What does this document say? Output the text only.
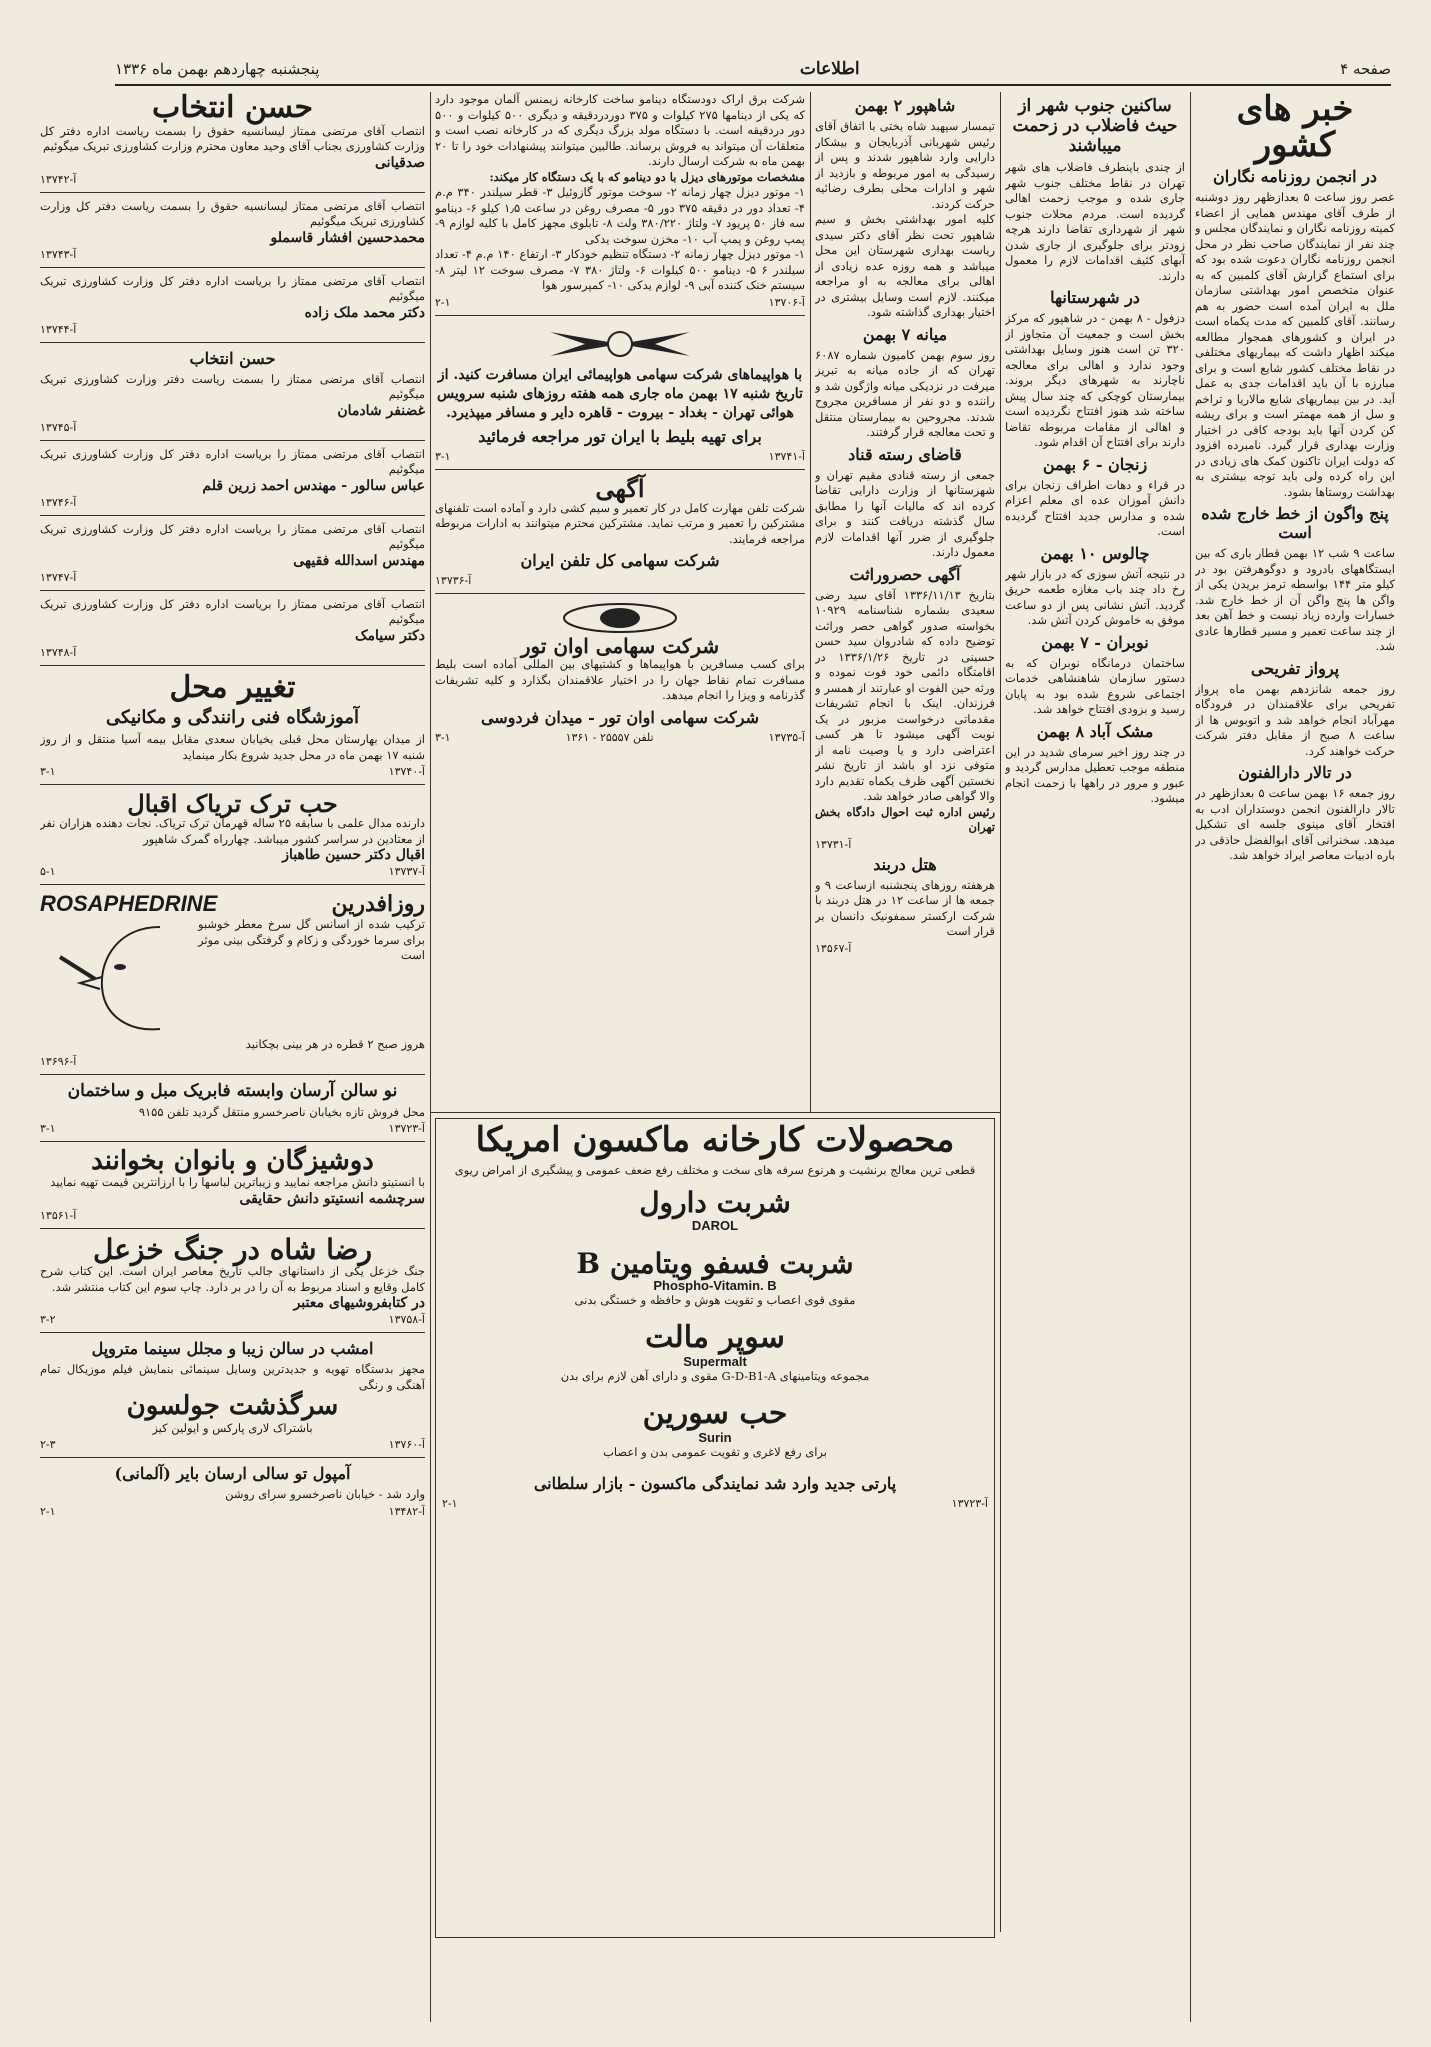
صفحه ۴
اطلاعات
پنجشنبه چهاردهم بهمن ماه ۱۳۳۶
خبر های کشور
در انجمن روزنامه نگاران
عصر روز ساعت ۵ بعدازظهر روز دوشنبه از طرف آقای مهندس همایی از اعضاء کمیته روزنامه نگاران و نمایندگان مجلس و چند نفر از نمایندگان صاحب نظر در محل انجمن روزنامه نگاران دعوت شده بود که برای استماع گزارش آقای کلمبین که به عنوان متخصص امور بهداشتی سازمان ملل به ایران آمده است حضور به هم رسانند. آقای کلمبین که مدت یکماه است در ایران و کشورهای همجوار مطالعه میکند اظهار داشت که بیماریهای مختلفی در نقاط مختلف کشور شایع است و برای مبارزه با آن باید اقدامات جدی به عمل آید. در بین بیماریهای شایع مالاریا و تراخم و سل از همه مهمتر است و برای ریشه کن کردن آنها باید بودجه کافی در اختیار وزارت بهداری قرار گیرد. نامبرده افزود که دولت ایران تاکنون کمک های زیادی در این راه کرده ولی باید توجه بیشتری به بهداشت روستاها بشود.
پنج واگون از خط خارج شده است
ساعت ۹ شب ۱۲ بهمن قطار باری که بین ایستگاههای بادرود و دوگوهرفتن بود در کیلو متر ۱۴۴ بواسطه ترمز بریدن یکی از واگن ها پنج واگن آن از خط خارج شد. خسارات وارده زیاد نیست و خط آهن بعد از چند ساعت تعمیر و مسیر قطارها عادی شد.
پرواز تفریحی
روز جمعه شانزدهم بهمن ماه پرواز تفریحی برای علاقمندان در فرودگاه مهرآباد انجام خواهد شد و اتوبوس ها از ساعت ۸ صبح از مقابل دفتر شرکت حرکت خواهند کرد.
در تالار دارالفنون
روز جمعه ۱۶ بهمن ساعت ۵ بعدازظهر در تالار دارالفنون انجمن دوستداران ادب به افتخار آقای مینوی جلسه ای تشکیل میدهد. سخنرانی آقای ابوالفضل حاذقی در باره ادبیات معاصر ایراد خواهد شد.
ساکنین جنوب شهر از حیث فاضلاب در زحمت میباشند
از چندی باینطرف فاضلاب های شهر تهران در نقاط مختلف جنوب شهر جاری شده و موجب زحمت اهالی گردیده است. مردم محلات جنوب شهر از شهرداری تقاضا دارند هرچه زودتر برای جلوگیری از جاری شدن آبهای کثیف اقدامات لازم را معمول دارند.
در شهرستانها
دزفول - ۸ بهمن - در شاهپور که مرکز بخش است و جمعیت آن متجاوز از ۳۲۰ تن است هنوز وسایل بهداشتی وجود ندارد و اهالی برای معالجه ناچارند به شهرهای دیگر بروند. بیمارستان کوچکی که چند سال پیش ساخته شد هنوز افتتاح نگردیده است و اهالی از مقامات مربوطه تقاضا دارند برای افتتاح آن اقدام شود.
زنجان - ۶ بهمن
در قراء و دهات اطراف زنجان برای دانش آموزان عده ای معلم اعزام شده و مدارس جدید افتتاح گردیده است.
چالوس ۱۰ بهمن
در نتیجه آتش سوزی که در بازار شهر رخ داد چند باب مغازه طعمه حریق گردید. آتش نشانی پس از دو ساعت موفق به خاموش کردن آتش شد.
نوبران - ۷ بهمن
ساختمان درمانگاه نوبران که به دستور سازمان شاهنشاهی خدمات اجتماعی شروع شده بود به پایان رسید و بزودی افتتاح خواهد شد.
مشک آباد ۸ بهمن
در چند روز اخیر سرمای شدید در این منطقه موجب تعطیل مدارس گردید و عبور و مرور در راهها با زحمت انجام میشود.
شاهپور ۲ بهمن
تیمسار سپهبد شاه بختی با اتفاق آقای رئیس شهربانی آذربایجان و بیشکار دارایی وارد شاهپور شدند و پس از رسیدگی به امور مربوطه و بازدید از شهر و ادارات محلی بطرف رضائیه حرکت کردند.
کلیه امور بهداشتی بخش و سیم شاهپور تحت نظر آقای دکتر سیدی ریاست بهداری شهرستان این محل میباشد و همه روزه عده زیادی از اهالی برای معالجه به او مراجعه میکنند. لازم است وسایل بیشتری در اختیار بهداری گذاشته شود.
میانه ۷ بهمن
روز سوم بهمن کامیون شماره ۶۰۸۷ تهران که از جاده میانه به تبریز میرفت در نزدیکی میانه واژگون شد و راننده و دو نفر از مسافرین مجروح شدند. مجروحین به بیمارستان منتقل و تحت معالجه قرار گرفتند.
قاضای رسته قناد
جمعی از رسته قنادی مقیم تهران و شهرستانها از وزارت دارایی تقاضا کرده اند که مالیات آنها را مطابق سال گذشته دریافت کنند و برای جلوگیری از ضرر آنها اقدامات لازم معمول دارند.
آگهی حصروراثت
بتاریخ ۱۳۳۶/۱۱/۱۳ آقای سید رضی سعیدی بشماره شناسنامه ۱۰۹۲۹ بخواسته صدور گواهی حصر وراثت توضیح داده که شادروان سید حسن حسینی در تاریخ ۱۳۳۶/۱/۲۶ در اقامتگاه دائمی خود فوت نموده و ورثه حین الفوت او عبارتند از همسر و فرزندان. اینک با انجام تشریفات مقدماتی درخواست مزبور در یک نوبت آگهی میشود تا هر کسی اعتراضی دارد و یا وصیت نامه از متوفی نزد او باشد از تاریخ نشر نخستین آگهی ظرف یکماه تقدیم دارد والا گواهی صادر خواهد شد.
رئیس اداره ثبت احوال دادگاه بخش تهران
آ-۱۳۷۳۱
هتل دربند
هرهفته روزهای پنجشنبه ازساعت ۹ و جمعه ها از ساعت ۱۲ در هتل دربند با شرکت ارکستر سمفونیک دانسان بر قرار است
آ-۱۳۵۶۷
شرکت برق اراک دودستگاه دینامو ساخت کارخانه زیمنس آلمان موجود دارد که یکی از دینامها ۲۷۵ کیلوات و ۳۷۵ دوردردقیقه و دیگری ۵۰۰ کیلوات و ۵۰۰ دور دردقیقه است. با دستگاه مولد بزرگ دیگری که در کارخانه نصب است و متعلقات آن میتواند به فروش برساند. طالبین میتوانند پیشنهادات خود را تا ۲۰ بهمن ماه به شرکت ارسال دارند.
مشخصات موتورهای دیزل با دو دینامو که با یک دستگاه کار میکند:
۱- موتور دیزل چهار زمانه ۲- سوخت موتور گازوئیل ۳- قطر سیلندر ۳۴۰ م.م ۴- تعداد دور در دقیقه ۳۷۵ دور ۵- مصرف روغن در ساعت ۱٫۵ کیلو ۶- دینامو سه فاز ۵۰ پریود ۷- ولتاژ ۳۸۰/۲۲۰ ولت ۸- تابلوی مجهز کامل با کلیه لوازم ۹- پمپ روغن و پمپ آب ۱۰- مخزن سوخت یدکی
۱- موتور دیزل چهار زمانه ۲- دستگاه تنظیم خودکار ۳- ارتفاع ۱۴۰ م.م ۴- تعداد سیلندر ۶ ۵- دینامو ۵۰۰ کیلوات ۶- ولتاژ ۳۸۰ ۷- مصرف سوخت ۱۲ لیتر ۸- سیستم خنک کننده آبی ۹- لوازم یدکی ۱۰- کمپرسور هوا
۲-۱	آ-۱۳۷۰۶
با هواپیماهای شرکت سهامی هواپیمائی ایران مسافرت کنید. از تاریخ شنبه ۱۷ بهمن ماه جاری همه هفته روزهای شنبه سرویس هوائی تهران - بغداد - بیروت - قاهره دایر و مسافر میپذیرد.
برای تهیه بلیط با ایران تور مراجعه فرمائید
۳-۱	آ-۱۳۷۴۱
آگهی
شرکت تلفن مهارت کامل در کار تعمیر و سیم کشی دارد و آماده است تلفنهای مشترکین را تعمیر و مرتب نماید. مشترکین محترم میتوانند به ادارات مربوطه مراجعه فرمایند.
شرکت سهامی کل تلفن ایران
آ-۱۳۷۳۶
شرکت سهامی اوان تور
برای کسب مسافرین با هواپیماها و کشتیهای بین المللی آماده است بلیط مسافرت تمام نقاط جهان را در اختیار علاقمندان بگذارد و کلیه تشریفات گذرنامه و ویزا را انجام میدهد.
شرکت سهامی اوان تور - میدان فردوسی
۳-۱	تلفن ۲۵۵۵۷ - ۱۳۶۱	آ-۱۳۷۳۵
محصولات کارخانه ماکسون امریکا
قطعی ترین معالج برنشیت و هرنوع سرفه های سخت و مختلف رفع ضعف عمومی و پیشگیری از امراض ریوی
شربت دارول
DAROL
شربت فسفو ویتامین B
Phospho-Vitamin. B
مقوی قوی اعصاب و تقویت هوش و حافظه و خستگی بدنی
سوپر مالت
Supermalt
مجموعه ویتامینهای G-D-B1-A مقوی و دارای آهن لازم برای بدن
حب سورین
Surin
برای رفع لاغری و تقویت عمومی بدن و اعصاب
پارتی جدید وارد شد نمایندگی ماکسون - بازار سلطانی
۲-۱	آ-۱۳۷۲۳
حسن انتخاب
انتصاب آقای مرتضی ممتاز لیسانسیه حقوق را بسمت ریاست اداره دفتر کل وزارت کشاورزی بجناب آقای وحید معاون محترم وزارت کشاورزی تبریک میگوئیم
صدقیانی
آ-۱۳۷۴۲
انتصاب آقای مرتضی ممتاز لیسانسیه حقوق را بسمت ریاست دفتر کل وزارت کشاورزی تبریک میگوئیم
محمدحسین افشار قاسملو
آ-۱۳۷۴۳
انتصاب آقای مرتضی ممتاز را بریاست اداره دفتر کل وزارت کشاورزی تبریک میگوئیم
دکتر محمد ملک زاده
آ-۱۳۷۴۴
حسن انتخاب
انتصاب آقای مرتضی ممتاز را بسمت ریاست دفتر وزارت کشاورزی تبریک میگوئیم
غضنفر شادمان
آ-۱۳۷۴۵
انتصاب آقای مرتضی ممتاز را بریاست اداره دفتر کل وزارت کشاورزی تبریک میگوئیم
عباس سالور - مهندس احمد زرین قلم
آ-۱۳۷۴۶
انتصاب آقای مرتضی ممتاز را بریاست اداره دفتر کل وزارت کشاورزی تبریک میگوئیم
مهندس اسدالله فقیهی
آ-۱۳۷۴۷
انتصاب آقای مرتضی ممتاز را بریاست اداره دفتر کل وزارت کشاورزی تبریک میگوئیم
دکتر سیامک
آ-۱۳۷۴۸
تغییر محل
آموزشگاه فنی رانندگی و مکانیکی
از میدان بهارستان محل قبلی بخیابان سعدی مقابل بیمه آسیا منتقل و از روز شنبه ۱۷ بهمن ماه در محل جدید شروع بکار مینماید
۳-۱	آ-۱۳۷۴۰
حب ترک تریاک اقبال
دارنده مدال علمی با سابقه ۲۵ ساله قهرمان ترک تریاک. نجات دهنده هزاران نفر از معتادین در سراسر کشور میباشد. چهارراه گمرک شاهپور
اقبال دکتر حسین طاهباز
۵-۱	آ-۱۳۷۳۷
روزافدرین
ROSAPHEDRINE
ترکیب شده از اسانس گل سرخ معطر خوشبو برای سرما خوردگی و زکام و گرفتگی بینی موثر است
هروز صبح ۲ قطره در هر بینی بچکانید
آ-۱۳۶۹۶
نو سالن آرسان وابسته فابریک مبل و ساختمان
محل فروش تازه بخیابان ناصرخسرو منتقل گردید تلفن ۹۱۵۵
۳-۱	آ-۱۳۷۲۳
دوشیزگان و بانوان بخوانند
با انستیتو دانش مراجعه نمایید و زیباترین لباسها را با ارزانترین قیمت تهیه نمایید
سرچشمه انستیتو دانش حقایقی
آ-۱۳۵۶۱
رضا شاه در جنگ خزعل
جنگ خزعل یکی از داستانهای جالب تاریخ معاصر ایران است. این کتاب شرح کامل وقایع و اسناد مربوط به آن را در بر دارد. چاپ سوم این کتاب منتشر شد.
در کتابفروشیهای معتبر
۳-۲	آ-۱۳۷۵۸
امشب در سالن زیبا و مجلل سینما متروپل
مجهز بدستگاه تهویه و جدیدترین وسایل سینمائی بنمایش فیلم موزیکال تمام آهنگی و رنگی
سرگذشت جولسون
باشتراک لاری پارکس و ایولین کیز
۲-۳	آ-۱۳۷۶۰
آمپول تو سالی ارسان بایر (آلمانی)
وارد شد - خیابان ناصرخسرو سرای روشن
۲-۱	آ-۱۳۴۸۲
